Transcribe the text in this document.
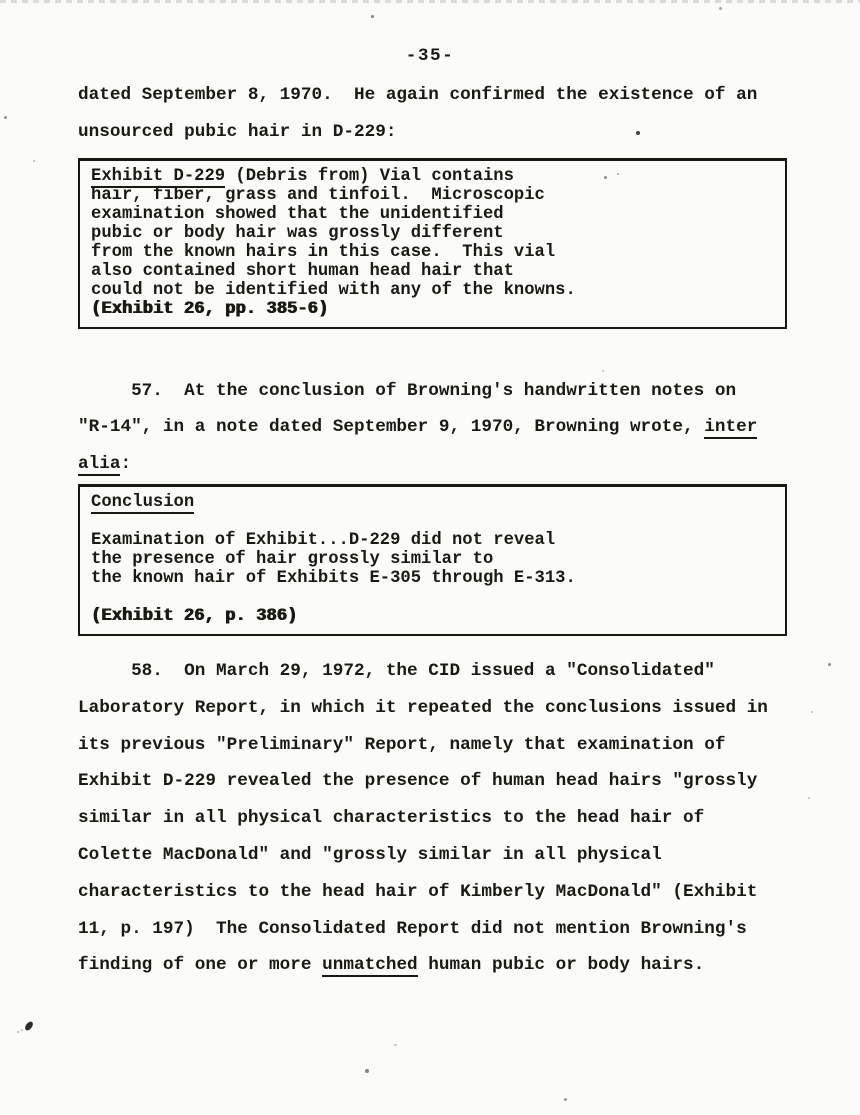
-35-
dated September 8, 1970.  He again confirmed the existence of an
unsourced pubic hair in D-229:
Exhibit D-229 (Debris from) Vial contains
hair, fiber, grass and tinfoil.  Microscopic
examination showed that the unidentified
pubic or body hair was grossly different
from the known hairs in this case.  This vial
also contained short human head hair that
could not be identified with any of the knowns.
(Exhibit 26, pp. 385-6)
57.  At the conclusion of Browning's handwritten notes on
"R-14", in a note dated September 9, 1970, Browning wrote, inter
alia:
Conclusion
Examination of Exhibit...D-229 did not reveal
the presence of hair grossly similar to
the known hair of Exhibits E-305 through E-313.
(Exhibit 26, p. 386)
58.  On March 29, 1972, the CID issued a "Consolidated"
Laboratory Report, in which it repeated the conclusions issued in
its previous "Preliminary" Report, namely that examination of
Exhibit D-229 revealed the presence of human head hairs "grossly
similar in all physical characteristics to the head hair of
Colette MacDonald" and "grossly similar in all physical
characteristics to the head hair of Kimberly MacDonald" (Exhibit
11, p. 197)  The Consolidated Report did not mention Browning's
finding of one or more unmatched human pubic or body hairs.
